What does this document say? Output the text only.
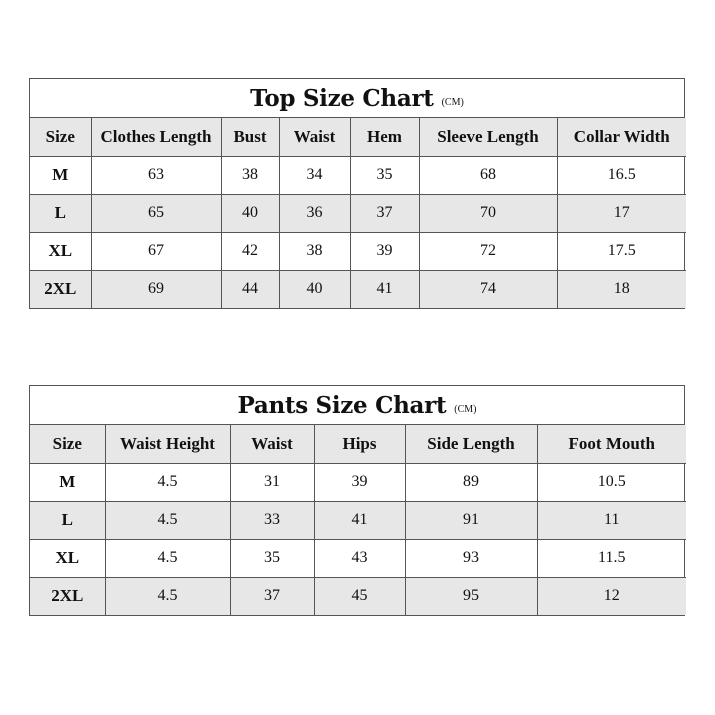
Top Size Chart (CM)
Size	Clothes Length	Bust	Waist	Hem	Sleeve Length	Collar Width
M	63	38	34	35	68	16.5
L	65	40	36	37	70	17
XL	67	42	38	39	72	17.5
2XL	69	44	40	41	74	18
Pants Size Chart (CM)
Size	Waist Height	Waist	Hips	Side Length	Foot Mouth
M	4.5	31	39	89	10.5
L	4.5	33	41	91	11
XL	4.5	35	43	93	11.5
2XL	4.5	37	45	95	12
